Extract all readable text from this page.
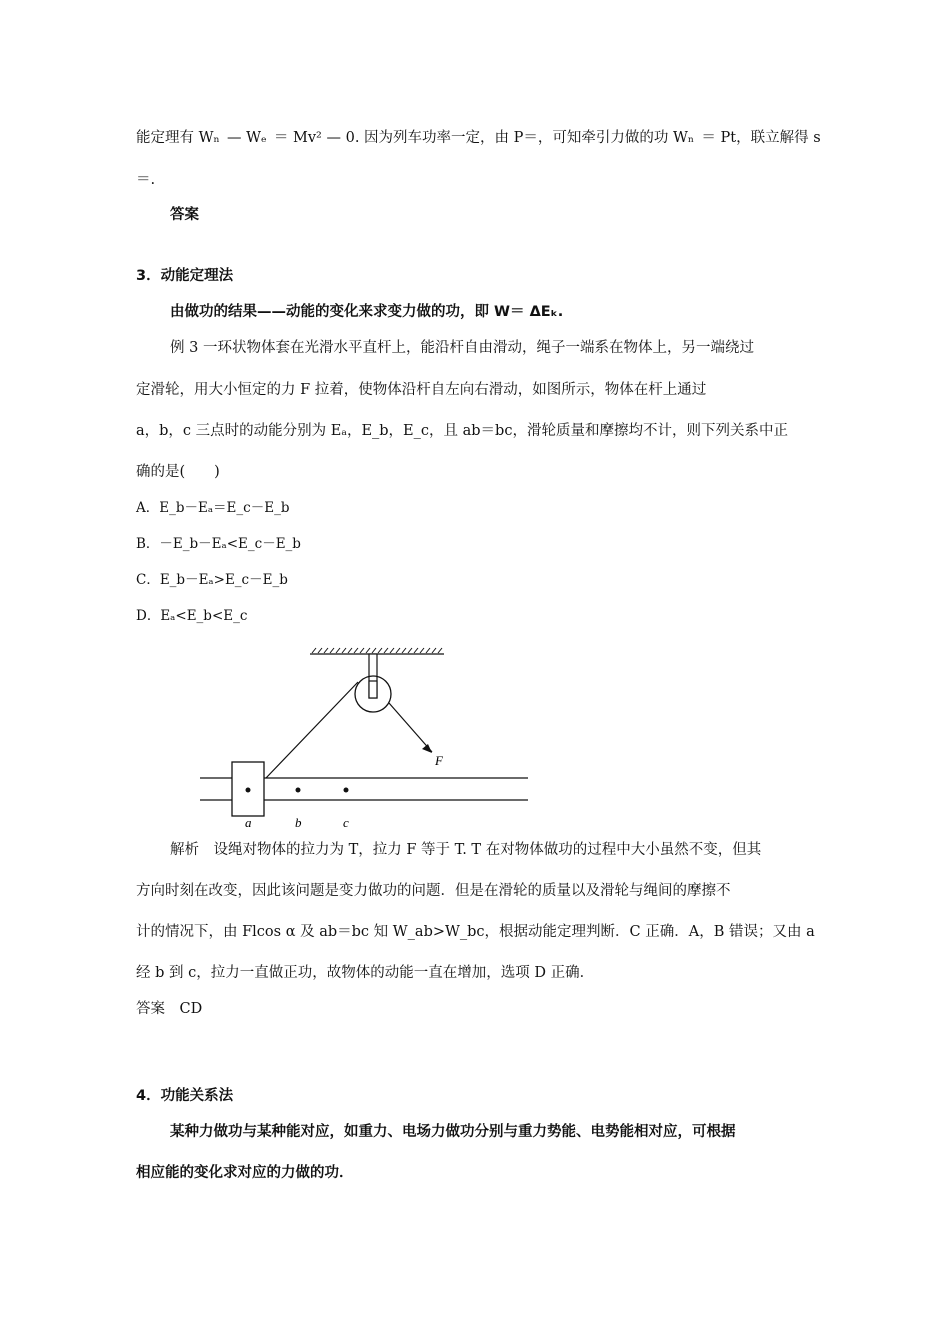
能定理有 Wₙ — Wₑ ＝ Mv² — 0. 因为列车功率一定，由 P＝，可知牵引力做的功 Wₙ ＝ Pt，联立解得 s
＝.
答案
3．动能定理法
由做功的结果——动能的变化来求变力做的功，即 W＝ ΔEₖ.
例 3 一环状物体套在光滑水平直杆上，能沿杆自由滑动，绳子一端系在物体上，另一端绕过
定滑轮，用大小恒定的力 F 拉着，使物体沿杆自左向右滑动，如图所示，物体在杆上通过
a，b，c 三点时的动能分别为 Eₐ，E_b，E_c，且 ab＝bc，滑轮质量和摩擦均不计，则下列关系中正
确的是(  )
A．E_b－Eₐ＝E_c－E_b
B．－E_b－Eₐ<E_c－E_b
C．E_b－Eₐ>E_c－E_b
D．Eₐ<E_b<E_c
F
a	b	c
解析 设绳对物体的拉力为 T，拉力 F 等于 T. T 在对物体做功的过程中大小虽然不变，但其
方向时刻在改变，因此该问题是变力做功的问题．但是在滑轮的质量以及滑轮与绳间的摩擦不
计的情况下，由 Flcos α 及 ab＝bc 知 W_ab>W_bc，根据动能定理判断．C 正确．A，B 错误；又由 a
经 b 到 c，拉力一直做正功，故物体的动能一直在增加，选项 D 正确．
答案 CD
4．功能关系法
某种力做功与某种能对应，如重力、电场力做功分别与重力势能、电势能相对应，可根据
相应能的变化求对应的力做的功．
